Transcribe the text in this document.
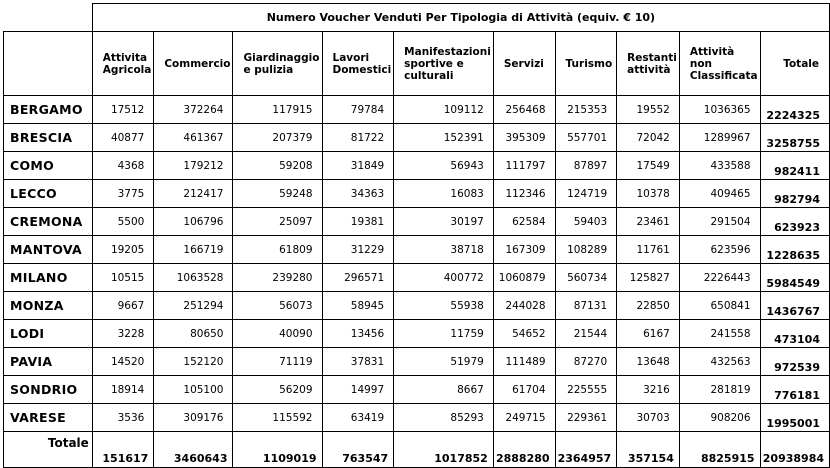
	Numero Voucher Venduti Per Tipologia di Attività (equiv. € 10)									
	Attivita Agricola	Commercio	Giardinaggio e pulizia	Lavori Domestici	Manifestazioni sportive e culturali	Servizi	Turismo	Restanti attività	Attività non Classificata	Totale
BERGAMO	17512	372264	117915	79784	109112	256468	215353	19552	1036365	2224325
BRESCIA	40877	461367	207379	81722	152391	395309	557701	72042	1289967	3258755
COMO	4368	179212	59208	31849	56943	111797	87897	17549	433588	982411
LECCO	3775	212417	59248	34363	16083	112346	124719	10378	409465	982794
CREMONA	5500	106796	25097	19381	30197	62584	59403	23461	291504	623923
MANTOVA	19205	166719	61809	31229	38718	167309	108289	11761	623596	1228635
MILANO	10515	1063528	239280	296571	400772	1060879	560734	125827	2226443	5984549
MONZA	9667	251294	56073	58945	55938	244028	87131	22850	650841	1436767
LODI	3228	80650	40090	13456	11759	54652	21544	6167	241558	473104
PAVIA	14520	152120	71119	37831	51979	111489	87270	13648	432563	972539
SONDRIO	18914	105100	56209	14997	8667	61704	225555	3216	281819	776181
VARESE	3536	309176	115592	63419	85293	249715	229361	30703	908206	1995001
Totale	151617	3460643	1109019	763547	1017852	2888280	2364957	357154	8825915	20938984
